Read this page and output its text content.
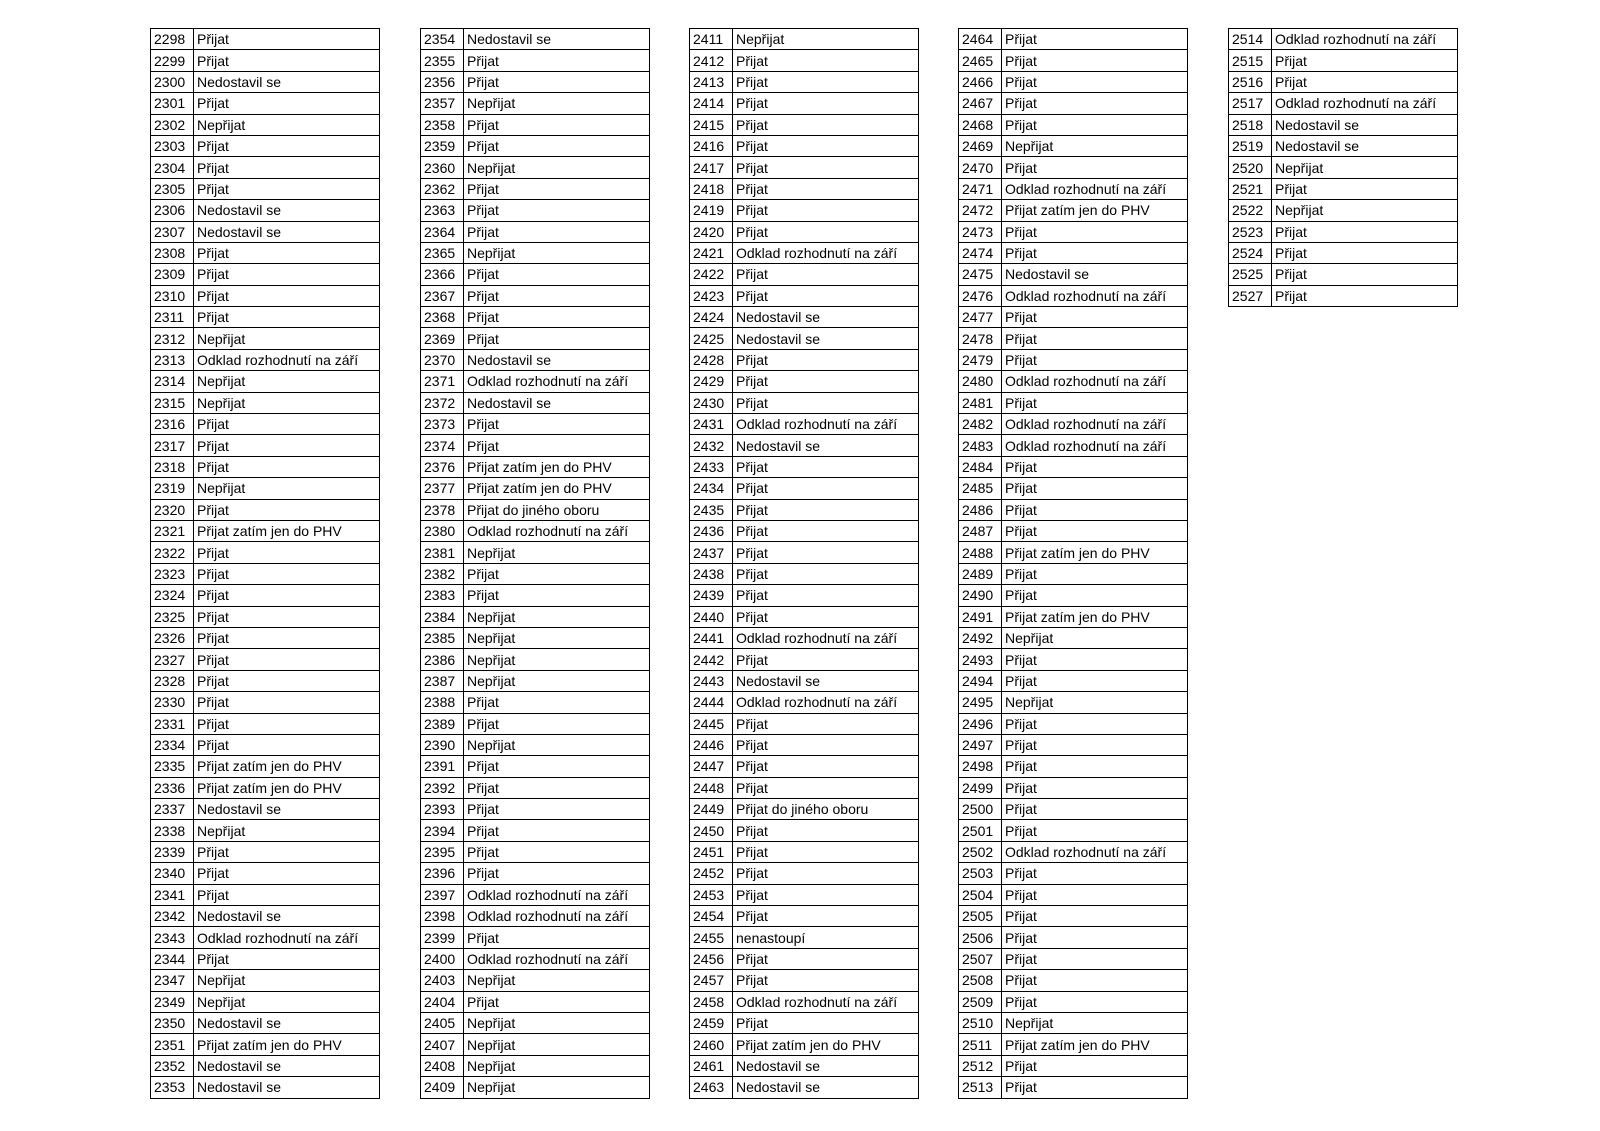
2298	Přijat
2299	Přijat
2300	Nedostavil se
2301	Přijat
2302	Nepřijat
2303	Přijat
2304	Přijat
2305	Přijat
2306	Nedostavil se
2307	Nedostavil se
2308	Přijat
2309	Přijat
2310	Přijat
2311	Přijat
2312	Nepřijat
2313	Odklad rozhodnutí na září
2314	Nepřijat
2315	Nepřijat
2316	Přijat
2317	Přijat
2318	Přijat
2319	Nepřijat
2320	Přijat
2321	Přijat zatím jen do PHV
2322	Přijat
2323	Přijat
2324	Přijat
2325	Přijat
2326	Přijat
2327	Přijat
2328	Přijat
2330	Přijat
2331	Přijat
2334	Přijat
2335	Přijat zatím jen do PHV
2336	Přijat zatím jen do PHV
2337	Nedostavil se
2338	Nepřijat
2339	Přijat
2340	Přijat
2341	Přijat
2342	Nedostavil se
2343	Odklad rozhodnutí na září
2344	Přijat
2347	Nepřijat
2349	Nepřijat
2350	Nedostavil se
2351	Přijat zatím jen do PHV
2352	Nedostavil se
2353	Nedostavil se
2354	Nedostavil se
2355	Přijat
2356	Přijat
2357	Nepřijat
2358	Přijat
2359	Přijat
2360	Nepřijat
2362	Přijat
2363	Přijat
2364	Přijat
2365	Nepřijat
2366	Přijat
2367	Přijat
2368	Přijat
2369	Přijat
2370	Nedostavil se
2371	Odklad rozhodnutí na září
2372	Nedostavil se
2373	Přijat
2374	Přijat
2376	Přijat zatím jen do PHV
2377	Přijat zatím jen do PHV
2378	Přijat do jiného oboru
2380	Odklad rozhodnutí na září
2381	Nepřijat
2382	Přijat
2383	Přijat
2384	Nepřijat
2385	Nepřijat
2386	Nepřijat
2387	Nepřijat
2388	Přijat
2389	Přijat
2390	Nepřijat
2391	Přijat
2392	Přijat
2393	Přijat
2394	Přijat
2395	Přijat
2396	Přijat
2397	Odklad rozhodnutí na září
2398	Odklad rozhodnutí na září
2399	Přijat
2400	Odklad rozhodnutí na září
2403	Nepřijat
2404	Přijat
2405	Nepřijat
2407	Nepřijat
2408	Nepřijat
2409	Nepřijat
2411	Nepřijat
2412	Přijat
2413	Přijat
2414	Přijat
2415	Přijat
2416	Přijat
2417	Přijat
2418	Přijat
2419	Přijat
2420	Přijat
2421	Odklad rozhodnutí na září
2422	Přijat
2423	Přijat
2424	Nedostavil se
2425	Nedostavil se
2428	Přijat
2429	Přijat
2430	Přijat
2431	Odklad rozhodnutí na září
2432	Nedostavil se
2433	Přijat
2434	Přijat
2435	Přijat
2436	Přijat
2437	Přijat
2438	Přijat
2439	Přijat
2440	Přijat
2441	Odklad rozhodnutí na září
2442	Přijat
2443	Nedostavil se
2444	Odklad rozhodnutí na září
2445	Přijat
2446	Přijat
2447	Přijat
2448	Přijat
2449	Přijat do jiného oboru
2450	Přijat
2451	Přijat
2452	Přijat
2453	Přijat
2454	Přijat
2455	nenastoupí
2456	Přijat
2457	Přijat
2458	Odklad rozhodnutí na září
2459	Přijat
2460	Přijat zatím jen do PHV
2461	Nedostavil se
2463	Nedostavil se
2464	Přijat
2465	Přijat
2466	Přijat
2467	Přijat
2468	Přijat
2469	Nepřijat
2470	Přijat
2471	Odklad rozhodnutí na září
2472	Přijat zatím jen do PHV
2473	Přijat
2474	Přijat
2475	Nedostavil se
2476	Odklad rozhodnutí na září
2477	Přijat
2478	Přijat
2479	Přijat
2480	Odklad rozhodnutí na září
2481	Přijat
2482	Odklad rozhodnutí na září
2483	Odklad rozhodnutí na září
2484	Přijat
2485	Přijat
2486	Přijat
2487	Přijat
2488	Přijat zatím jen do PHV
2489	Přijat
2490	Přijat
2491	Přijat zatím jen do PHV
2492	Nepřijat
2493	Přijat
2494	Přijat
2495	Nepřijat
2496	Přijat
2497	Přijat
2498	Přijat
2499	Přijat
2500	Přijat
2501	Přijat
2502	Odklad rozhodnutí na září
2503	Přijat
2504	Přijat
2505	Přijat
2506	Přijat
2507	Přijat
2508	Přijat
2509	Přijat
2510	Nepřijat
2511	Přijat zatím jen do PHV
2512	Přijat
2513	Přijat
2514	Odklad rozhodnutí na září
2515	Přijat
2516	Přijat
2517	Odklad rozhodnutí na září
2518	Nedostavil se
2519	Nedostavil se
2520	Nepřijat
2521	Přijat
2522	Nepřijat
2523	Přijat
2524	Přijat
2525	Přijat
2527	Přijat
